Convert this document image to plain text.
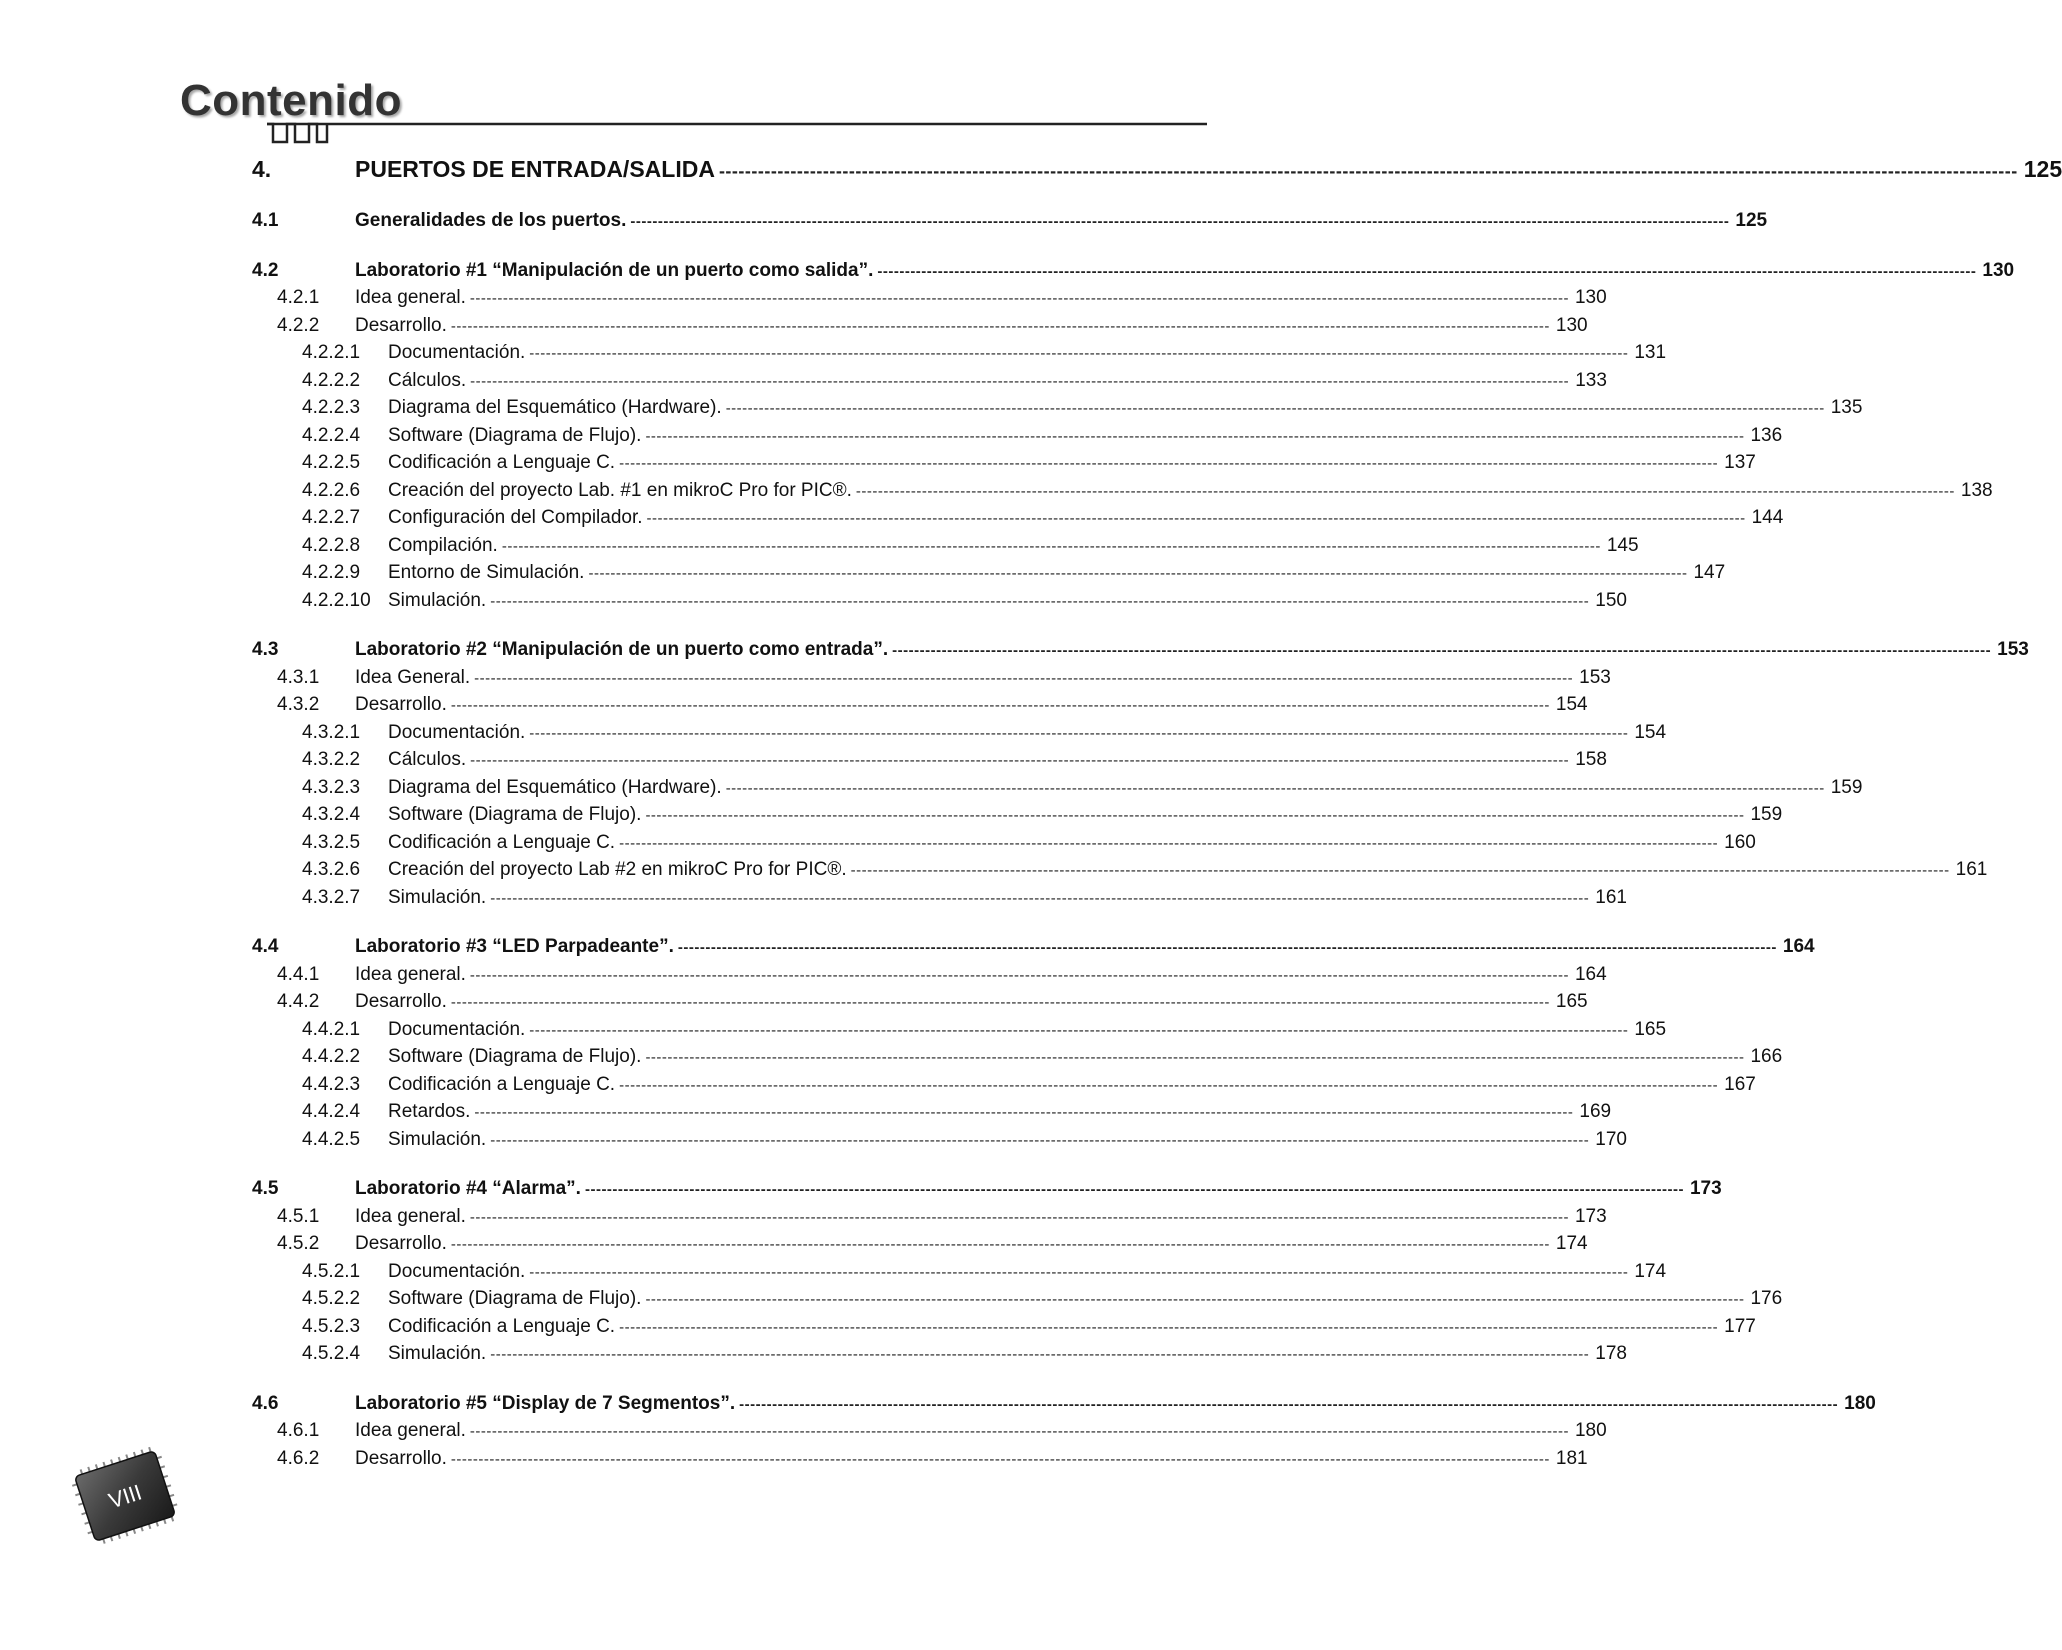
Contenido
4.	PUERTOS DE ENTRADA/SALIDA -------------------------------------------------------------------------------------------------------------------------------------------------------------------------------------------------------- 125
4.1	Generalidades de los puertos. -------------------------------------------------------------------------------------------------------------------------------------------------------------------------------------------------------- 125
4.2	Laboratorio #1 “Manipulación de un puerto como salida”. -------------------------------------------------------------------------------------------------------------------------------------------------------------------------------------------------------- 130
4.2.1	Idea general. -------------------------------------------------------------------------------------------------------------------------------------------------------------------------------------------------------- 130
4.2.2	Desarrollo. -------------------------------------------------------------------------------------------------------------------------------------------------------------------------------------------------------- 130
4.2.2.1	Documentación. -------------------------------------------------------------------------------------------------------------------------------------------------------------------------------------------------------- 131
4.2.2.2	Cálculos. -------------------------------------------------------------------------------------------------------------------------------------------------------------------------------------------------------- 133
4.2.2.3	Diagrama del Esquemático (Hardware). -------------------------------------------------------------------------------------------------------------------------------------------------------------------------------------------------------- 135
4.2.2.4	Software (Diagrama de Flujo). -------------------------------------------------------------------------------------------------------------------------------------------------------------------------------------------------------- 136
4.2.2.5	Codificación a Lenguaje C. -------------------------------------------------------------------------------------------------------------------------------------------------------------------------------------------------------- 137
4.2.2.6	Creación del proyecto Lab. #1 en mikroC Pro for PIC®. -------------------------------------------------------------------------------------------------------------------------------------------------------------------------------------------------------- 138
4.2.2.7	Configuración del Compilador. -------------------------------------------------------------------------------------------------------------------------------------------------------------------------------------------------------- 144
4.2.2.8	Compilación. -------------------------------------------------------------------------------------------------------------------------------------------------------------------------------------------------------- 145
4.2.2.9	Entorno de Simulación. -------------------------------------------------------------------------------------------------------------------------------------------------------------------------------------------------------- 147
4.2.2.10 Simulación. -------------------------------------------------------------------------------------------------------------------------------------------------------------------------------------------------------- 150
4.3	Laboratorio #2 “Manipulación de un puerto como entrada”. -------------------------------------------------------------------------------------------------------------------------------------------------------------------------------------------------------- 153
4.3.1	Idea General. -------------------------------------------------------------------------------------------------------------------------------------------------------------------------------------------------------- 153
4.3.2	Desarrollo. -------------------------------------------------------------------------------------------------------------------------------------------------------------------------------------------------------- 154
4.3.2.1	Documentación. -------------------------------------------------------------------------------------------------------------------------------------------------------------------------------------------------------- 154
4.3.2.2	Cálculos. -------------------------------------------------------------------------------------------------------------------------------------------------------------------------------------------------------- 158
4.3.2.3	Diagrama del Esquemático (Hardware). -------------------------------------------------------------------------------------------------------------------------------------------------------------------------------------------------------- 159
4.3.2.4	Software (Diagrama de Flujo). -------------------------------------------------------------------------------------------------------------------------------------------------------------------------------------------------------- 159
4.3.2.5	Codificación a Lenguaje C. -------------------------------------------------------------------------------------------------------------------------------------------------------------------------------------------------------- 160
4.3.2.6	Creación del proyecto Lab #2 en mikroC Pro for PIC®. -------------------------------------------------------------------------------------------------------------------------------------------------------------------------------------------------------- 161
4.3.2.7	Simulación. -------------------------------------------------------------------------------------------------------------------------------------------------------------------------------------------------------- 161
4.4	Laboratorio #3 “LED Parpadeante”. -------------------------------------------------------------------------------------------------------------------------------------------------------------------------------------------------------- 164
4.4.1	Idea general. -------------------------------------------------------------------------------------------------------------------------------------------------------------------------------------------------------- 164
4.4.2	Desarrollo. -------------------------------------------------------------------------------------------------------------------------------------------------------------------------------------------------------- 165
4.4.2.1	Documentación. -------------------------------------------------------------------------------------------------------------------------------------------------------------------------------------------------------- 165
4.4.2.2	Software (Diagrama de Flujo). -------------------------------------------------------------------------------------------------------------------------------------------------------------------------------------------------------- 166
4.4.2.3	Codificación a Lenguaje C. -------------------------------------------------------------------------------------------------------------------------------------------------------------------------------------------------------- 167
4.4.2.4	Retardos. -------------------------------------------------------------------------------------------------------------------------------------------------------------------------------------------------------- 169
4.4.2.5	Simulación. -------------------------------------------------------------------------------------------------------------------------------------------------------------------------------------------------------- 170
4.5	Laboratorio #4 “Alarma”. -------------------------------------------------------------------------------------------------------------------------------------------------------------------------------------------------------- 173
4.5.1	Idea general. -------------------------------------------------------------------------------------------------------------------------------------------------------------------------------------------------------- 173
4.5.2	Desarrollo. -------------------------------------------------------------------------------------------------------------------------------------------------------------------------------------------------------- 174
4.5.2.1	Documentación. -------------------------------------------------------------------------------------------------------------------------------------------------------------------------------------------------------- 174
4.5.2.2	Software (Diagrama de Flujo). -------------------------------------------------------------------------------------------------------------------------------------------------------------------------------------------------------- 176
4.5.2.3	Codificación a Lenguaje C. -------------------------------------------------------------------------------------------------------------------------------------------------------------------------------------------------------- 177
4.5.2.4	Simulación. -------------------------------------------------------------------------------------------------------------------------------------------------------------------------------------------------------- 178
4.6	Laboratorio #5 “Display de 7 Segmentos”. -------------------------------------------------------------------------------------------------------------------------------------------------------------------------------------------------------- 180
4.6.1	Idea general. -------------------------------------------------------------------------------------------------------------------------------------------------------------------------------------------------------- 180
4.6.2	Desarrollo. -------------------------------------------------------------------------------------------------------------------------------------------------------------------------------------------------------- 181
VIII
